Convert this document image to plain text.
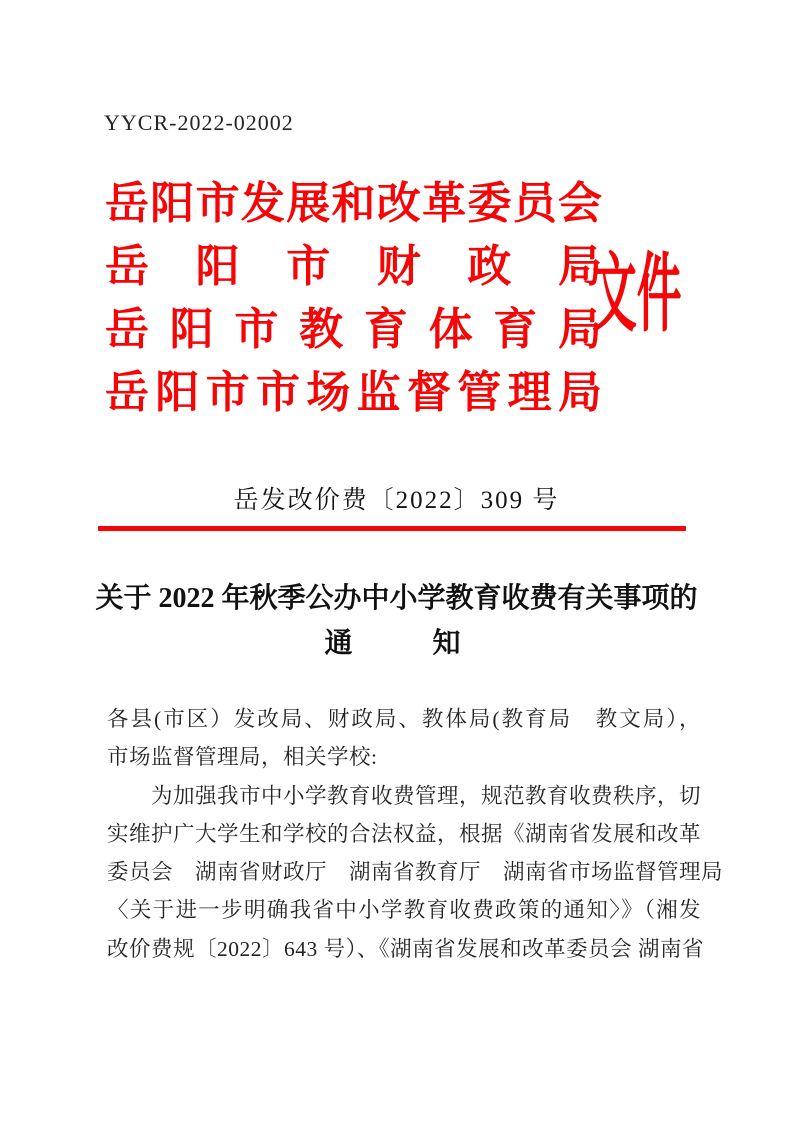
YYCR-2022-02002
岳阳市发展和改革委员会
岳阳市财政局
岳阳市教育体育局
岳阳市市场监督管理局
文件
岳发改价费〔2022〕309 号
关于 2022 年秋季公办中小学教育收费有关事项的
通　　知
各县(市区）发改局、财政局、教体局(教育局　教文局），
市场监督管理局，相关学校:
　　为加强我市中小学教育收费管理，规范教育收费秩序，切
实维护广大学生和学校的合法权益，根据《湖南省发展和改革
委员会　湖南省财政厅　湖南省教育厅　湖南省市场监督管理局
〈关于进一步明确我省中小学教育收费政策的通知〉》（湘发
改价费规〔2022〕643 号）、《湖南省发展和改革委员会 湖南省
